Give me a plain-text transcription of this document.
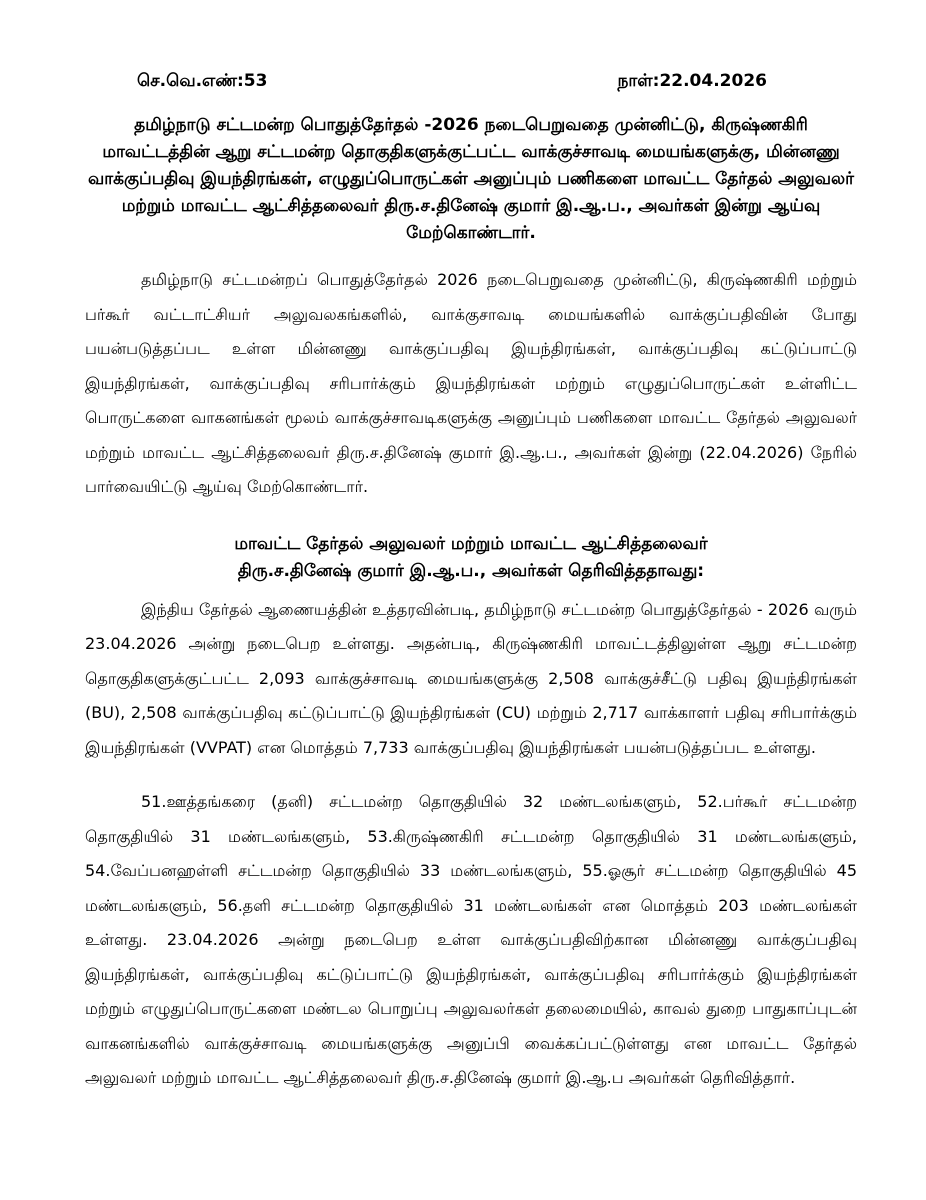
செ.வெ.எண்:53	நாள்:22.04.2026

தமிழ்நாடு சட்டமன்ற பொதுத்தேர்தல் -2026 நடைபெறுவதை முன்னிட்டு, கிருஷ்ணகிரி மாவட்டத்தின் ஆறு சட்டமன்ற தொகுதிகளுக்குட்பட்ட வாக்குச்சாவடி மையங்களுக்கு, மின்னணு வாக்குப்பதிவு இயந்திரங்கள், எழுதுப்பொருட்கள் அனுப்பும் பணிகளை மாவட்ட தேர்தல் அலுவலர் மற்றும் மாவட்ட ஆட்சித்தலைவர் திரு.ச.தினேஷ் குமார் இ.ஆ.ப., அவர்கள் இன்று ஆய்வு மேற்கொண்டார்.

தமிழ்நாடு சட்டமன்றப் பொதுத்தேர்தல் 2026 நடைபெறுவதை முன்னிட்டு, கிருஷ்ணகிரி மற்றும் பர்கூர் வட்டாட்சியர் அலுவலகங்களில், வாக்குசாவடி மையங்களில் வாக்குப்பதிவின் போது பயன்படுத்தப்பட உள்ள மின்னணு வாக்குப்பதிவு இயந்திரங்கள், வாக்குப்பதிவு கட்டுப்பாட்டு இயந்திரங்கள், வாக்குப்பதிவு சரிபார்க்கும் இயந்திரங்கள் மற்றும் எழுதுப்பொருட்கள் உள்ளிட்ட பொருட்களை வாகனங்கள் மூலம் வாக்குச்சாவடிகளுக்கு அனுப்பும் பணிகளை மாவட்ட தேர்தல் அலுவலர் மற்றும் மாவட்ட ஆட்சித்தலைவர் திரு.ச.தினேஷ் குமார் இ.ஆ.ப., அவர்கள் இன்று (22.04.2026) நேரில் பார்வையிட்டு ஆய்வு மேற்கொண்டார்.

மாவட்ட தேர்தல் அலுவலர் மற்றும் மாவட்ட ஆட்சித்தலைவர்
திரு.ச.தினேஷ் குமார் இ.ஆ.ப., அவர்கள் தெரிவித்ததாவது:

இந்திய தேர்தல் ஆணையத்தின் உத்தரவின்படி, தமிழ்நாடு சட்டமன்ற பொதுத்தேர்தல் - 2026 வரும் 23.04.2026 அன்று நடைபெற உள்ளது. அதன்படி, கிருஷ்ணகிரி மாவட்டத்திலுள்ள ஆறு சட்டமன்ற தொகுதிகளுக்குட்பட்ட 2,093 வாக்குச்சாவடி மையங்களுக்கு 2,508 வாக்குச்சீட்டு பதிவு இயந்திரங்கள் (BU), 2,508 வாக்குப்பதிவு கட்டுப்பாட்டு இயந்திரங்கள் (CU) மற்றும் 2,717 வாக்காளர் பதிவு சரிபார்க்கும் இயந்திரங்கள் (VVPAT) என மொத்தம் 7,733 வாக்குப்பதிவு இயந்திரங்கள் பயன்படுத்தப்பட உள்ளது.

51.ஊத்தங்கரை (தனி) சட்டமன்ற தொகுதியில் 32 மண்டலங்களும், 52.பர்கூர் சட்டமன்ற தொகுதியில் 31 மண்டலங்களும், 53.கிருஷ்ணகிரி சட்டமன்ற தொகுதியில் 31 மண்டலங்களும், 54.வேப்பனஹள்ளி சட்டமன்ற தொகுதியில் 33 மண்டலங்களும், 55.ஓசூர் சட்டமன்ற தொகுதியில் 45 மண்டலங்களும், 56.தளி சட்டமன்ற தொகுதியில் 31 மண்டலங்கள் என மொத்தம் 203 மண்டலங்கள் உள்ளது. 23.04.2026 அன்று நடைபெற உள்ள வாக்குப்பதிவிற்கான மின்னணு வாக்குப்பதிவு இயந்திரங்கள், வாக்குப்பதிவு கட்டுப்பாட்டு இயந்திரங்கள், வாக்குப்பதிவு சரிபார்க்கும் இயந்திரங்கள் மற்றும் எழுதுப்பொருட்களை மண்டல பொறுப்பு அலுவலர்கள் தலைமையில், காவல் துறை பாதுகாப்புடன் வாகனங்களில் வாக்குச்சாவடி மையங்களுக்கு அனுப்பி வைக்கப்பட்டுள்ளது என மாவட்ட தேர்தல் அலுவலர் மற்றும் மாவட்ட ஆட்சித்தலைவர் திரு.ச.தினேஷ் குமார் இ.ஆ.ப அவர்கள் தெரிவித்தார்.
